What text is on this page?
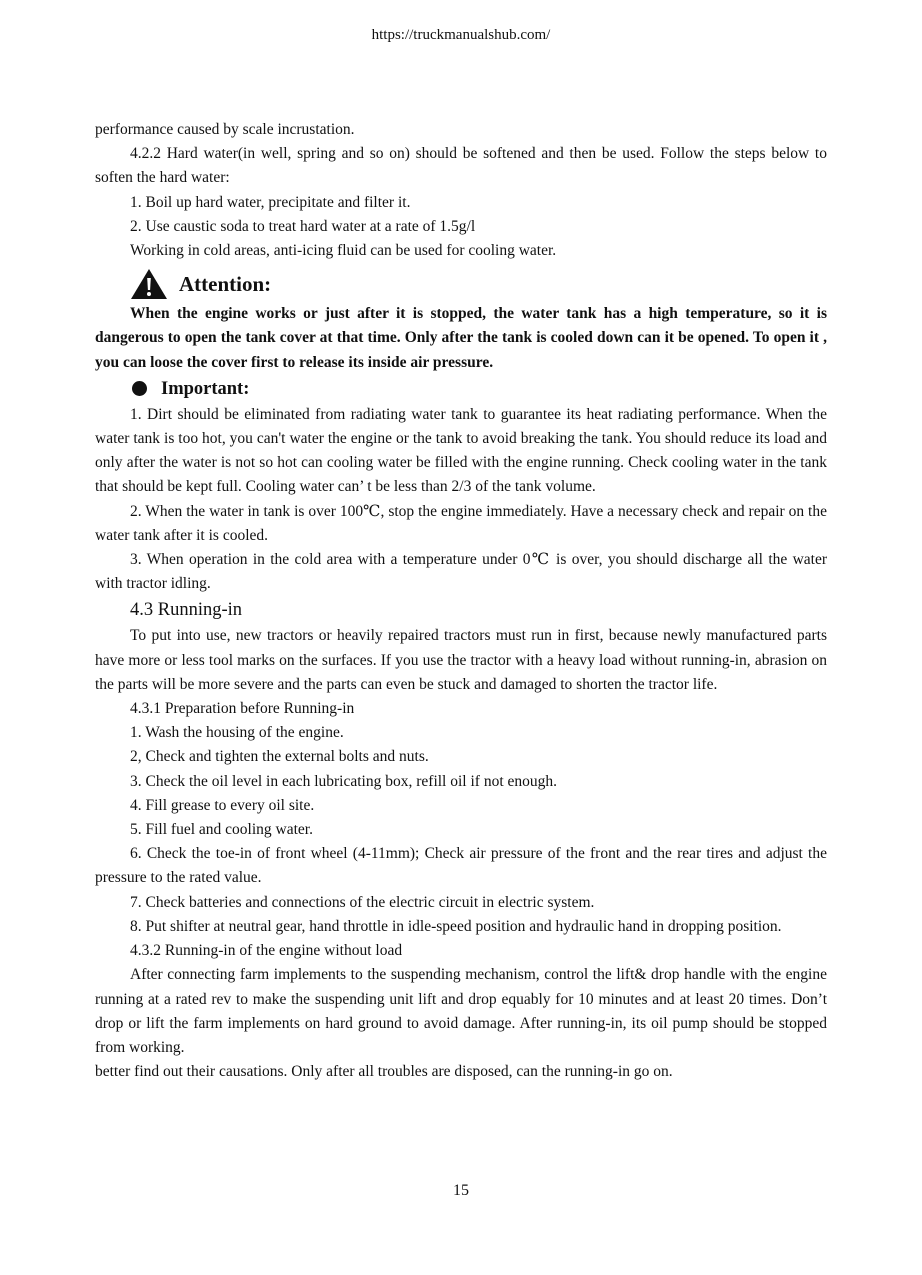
https://truckmanualshub.com/

performance caused by scale incrustation.

4.2.2 Hard water(in well, spring and so on) should be softened and then be used. Follow the steps below to soften the hard water:

1. Boil up hard water, precipitate and filter it.

2. Use caustic soda to treat hard water at a rate of 1.5g/l

Working in cold areas, anti-icing fluid can be used for cooling water.

Attention:

When the engine works or just after it is stopped, the water tank has a high temperature, so it is dangerous to open the tank cover at that time. Only after the tank is cooled down can it be opened. To open it , you can loose the cover first to release its inside air pressure.

Important:

1. Dirt should be eliminated from radiating water tank to guarantee its heat radiating performance. When the water tank is too hot, you can't water the engine or the tank to avoid breaking the tank. You should reduce its load and only after the water is not so hot can cooling water be filled with the engine running. Check cooling water in the tank that should be kept full. Cooling water can’ t be less than 2/3 of the tank volume.

2. When the water in tank is over 100℃, stop the engine immediately. Have a necessary check and repair on the water tank after it is cooled.

3. When operation in the cold area with a temperature under 0℃ is over, you should discharge all the water with tractor idling.

4.3 Running-in

To put into use, new tractors or heavily repaired tractors must run in first, because newly manufactured parts have more or less tool marks on the surfaces. If you use the tractor with a heavy load without running-in, abrasion on the parts will be more severe and the parts can even be stuck and damaged to shorten the tractor life.

4.3.1 Preparation before Running-in

1. Wash the housing of the engine.

2, Check and tighten the external bolts and nuts.

3. Check the oil level in each lubricating box, refill oil if not enough.

4. Fill grease to every oil site.

5. Fill fuel and cooling water.

6. Check the toe-in of front wheel (4-11mm); Check air pressure of the front and the rear tires and adjust the pressure to the rated value.

7. Check batteries and connections of the electric circuit in electric system.

8. Put shifter at neutral gear, hand throttle in idle-speed position and hydraulic hand in dropping position.

4.3.2 Running-in of the engine without load

After connecting farm implements to the suspending mechanism, control the lift& drop handle with the engine running at a rated rev to make the suspending unit lift and drop equably for 10 minutes and at least 20 times. Don’t drop or lift the farm implements on hard ground to avoid damage. After running-in, its oil pump should be stopped from working.

better find out their causations. Only after all troubles are disposed, can the running-in go on.

15
